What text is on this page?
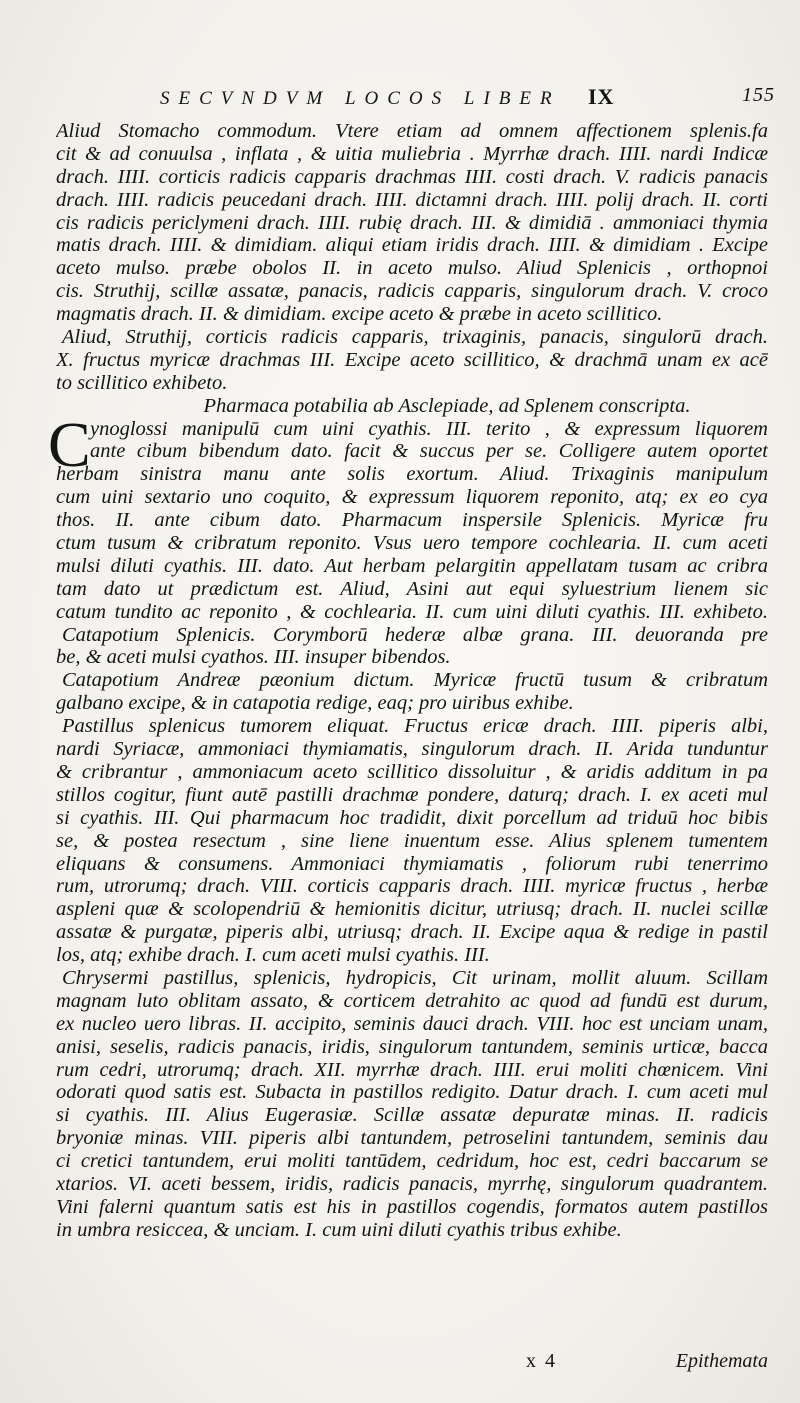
SECVNDVM LOCOS LIBER IX	155
Aliud Stomacho commodum. Vtere etiam ad omnem affectionem splenis.fa
cit & ad conuulsa , inflata , & uitia muliebria . Myrrhæ drach. IIII. nardi Indicæ
drach. IIII. corticis radicis capparis drachmas IIII. costi drach. V. radicis panacis
drach. IIII. radicis peucedani drach. IIII. dictamni drach. IIII. polij drach. II. corti
cis radicis periclymeni drach. IIII. rubię drach. III. & dimidiā . ammoniaci thymia
matis drach. IIII. & dimidiam. aliqui etiam iridis drach. IIII. & dimidiam . Excipe
aceto mulso. præbe obolos II. in aceto mulso. Aliud Splenicis , orthopnoi
cis. Struthij, scillæ assatæ, panacis, radicis capparis, singulorum drach. V. croco
magmatis drach. II. & dimidiam. excipe aceto & præbe in aceto scillitico.
Aliud, Struthij, corticis radicis capparis, trixaginis, panacis, singulorū drach.
X. fructus myricæ drachmas III. Excipe aceto scillitico, & drachmā unam ex acē
to scillitico exhibeto.
Pharmaca potabilia ab Asclepiade, ad Splenem conscripta.
C ynoglossi manipulū cum uini cyathis. III. terito , & expressum liquorem
ante cibum bibendum dato. facit & succus per se. Colligere autem oportet
herbam sinistra manu ante solis exortum. Aliud. Trixaginis manipulum
cum uini sextario uno coquito, & expressum liquorem reponito, atq; ex eo cya
thos. II. ante cibum dato. Pharmacum inspersile Splenicis. Myricæ fru
ctum tusum & cribratum reponito. Vsus uero tempore cochlearia. II. cum aceti
mulsi diluti cyathis. III. dato. Aut herbam pelargitin appellatam tusam ac cribra
tam dato ut prædictum est. Aliud, Asini aut equi syluestrium lienem sic
catum tundito ac reponito , & cochlearia. II. cum uini diluti cyathis. III. exhibeto.
Catapotium Splenicis. Corymborū hederæ albæ grana. III. deuoranda pre
be, & aceti mulsi cyathos. III. insuper bibendos.
Catapotium Andreæ pæonium dictum. Myricæ fructū tusum & cribratum
galbano excipe, & in catapotia redige, eaq; pro uiribus exhibe.
Pastillus splenicus tumorem eliquat. Fructus ericæ drach. IIII. piperis albi,
nardi Syriacæ, ammoniaci thymiamatis, singulorum drach. II. Arida tunduntur
& cribrantur , ammoniacum aceto scillitico dissoluitur , & aridis additum in pa
stillos cogitur, fiunt autē pastilli drachmæ pondere, daturq; drach. I. ex aceti mul
si cyathis. III. Qui pharmacum hoc tradidit, dixit porcellum ad triduū hoc bibis
se, & postea resectum , sine liene inuentum esse. Alius splenem tumentem
eliquans & consumens. Ammoniaci thymiamatis , foliorum rubi tenerrimo
rum, utrorumq; drach. VIII. corticis capparis drach. IIII. myricæ fructus , herbæ
aspleni quæ & scolopendriū & hemionitis dicitur, utriusq; drach. II. nuclei scillæ
assatæ & purgatæ, piperis albi, utriusq; drach. II. Excipe aqua & redige in pastil
los, atq; exhibe drach. I. cum aceti mulsi cyathis. III.
Chrysermi pastillus, splenicis, hydropicis, Cit urinam, mollit aluum. Scillam
magnam luto oblitam assato, & corticem detrahito ac quod ad fundū est durum,
ex nucleo uero libras. II. accipito, seminis dauci drach. VIII. hoc est unciam unam,
anisi, seselis, radicis panacis, iridis, singulorum tantundem, seminis urticæ, bacca
rum cedri, utrorumq; drach. XII. myrrhæ drach. IIII. erui moliti chœnicem. Vini
odorati quod satis est. Subacta in pastillos redigito. Datur drach. I. cum aceti mul
si cyathis. III. Alius Eugerasiæ. Scillæ assatæ depuratæ minas. II. radicis
bryoniæ minas. VIII. piperis albi tantundem, petroselini tantundem, seminis dau
ci cretici tantundem, erui moliti tantūdem, cedridum, hoc est, cedri baccarum se
xtarios. VI. aceti bessem, iridis, radicis panacis, myrrhę, singulorum quadrantem.
Vini falerni quantum satis est his in pastillos cogendis, formatos autem pastillos
in umbra resiccea, & unciam. I. cum uini diluti cyathis tribus exhibe.
x 4	Epithemata
